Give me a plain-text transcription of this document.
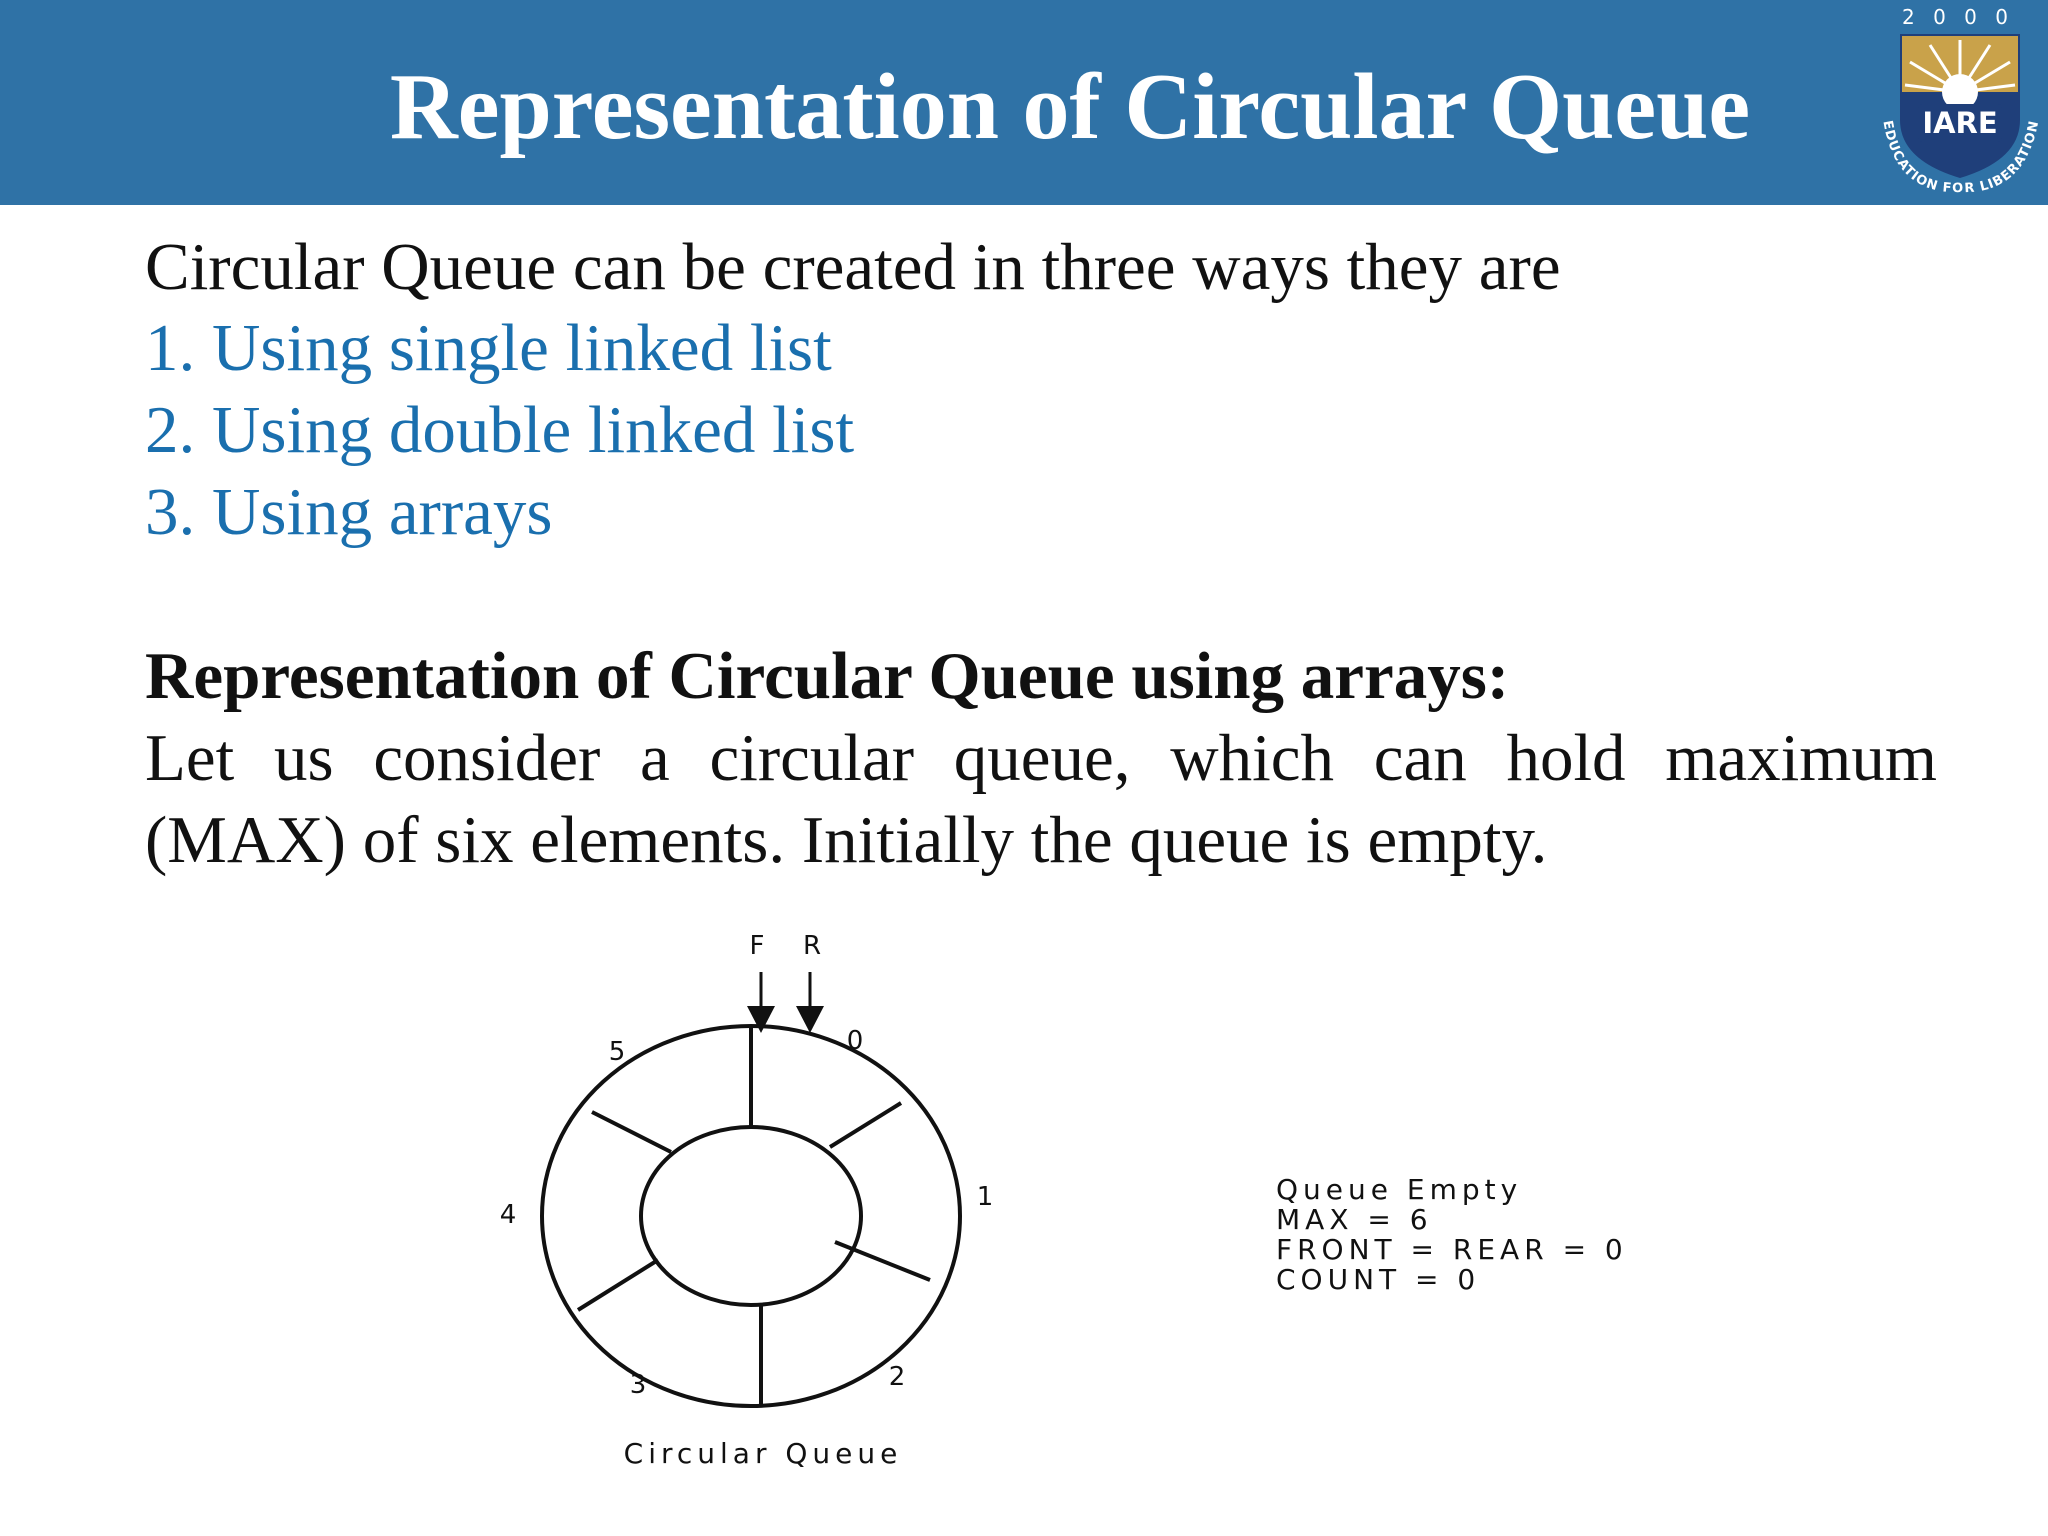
Representation of Circular Queue
2 0 0 0
IARE
EDUCATION FOR LIBERATION
Circular Queue can be created in three ways they are
1. Using single linked list
2. Using double linked list
3. Using arrays
Representation of Circular Queue using arrays:
Let us consider a circular queue, which can hold maximum
(MAX) of six elements. Initially the queue is empty.
F R
0
1
2
3
4
5
Circular Queue
Queue Empty
MAX = 6
FRONT = REAR = 0
COUNT = 0
